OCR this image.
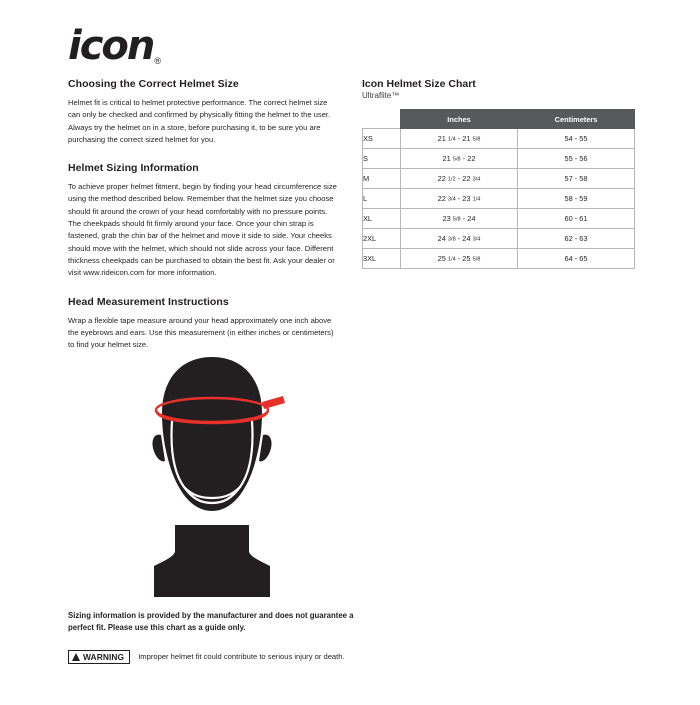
icon ®
Choosing the Correct Helmet Size

Helmet fit is critical to helmet protective performance. The correct helmet size can only be checked and confirmed by physically fitting the helmet to the user. Always try the helmet on in a store, before purchasing it, to be sure you are purchasing the correct sized helmet for you.

Helmet Sizing Information

To achieve proper helmet fitment, begin by finding your head circumference size using the method described below. Remember that the helmet size you choose should fit around the crown of your head comfortably with no pressure points. The cheekpads should fit firmly around your face. Once your chin strap is fastened, grab the chin bar of the helmet and move it side to side. Your cheeks should move with the helmet, which should not slide across your face. Different thickness cheekpads can be purchased to obtain the best fit. Ask your dealer or visit www.rideicon.com for more information.

Head Measurement Instructions

Wrap a flexible tape measure around your head approximately one inch above the eyebrows and ears. Use this measurement (in either inches or centimeters) to find your helmet size.

Icon Helmet Size Chart
Ultraflite™
	Inches	Centimeters
XS	21 1/4 - 21 5/8	54 - 55
S	21 5/8 - 22	55 - 56
M	22 1/2 - 22 3/4	57 - 58
L	22 3/4 - 23 1/4	58 - 59
XL	23 5/8 - 24	60 - 61
2XL	24 3/8 - 24 3/4	62 - 63
3XL	25 1/4 - 25 5/8	64 - 65
Sizing information is provided by the manufacturer and does not guarantee a perfect fit. Please use this chart as a guide only.
WARNING Improper helmet fit could contribute to serious injury or death.
